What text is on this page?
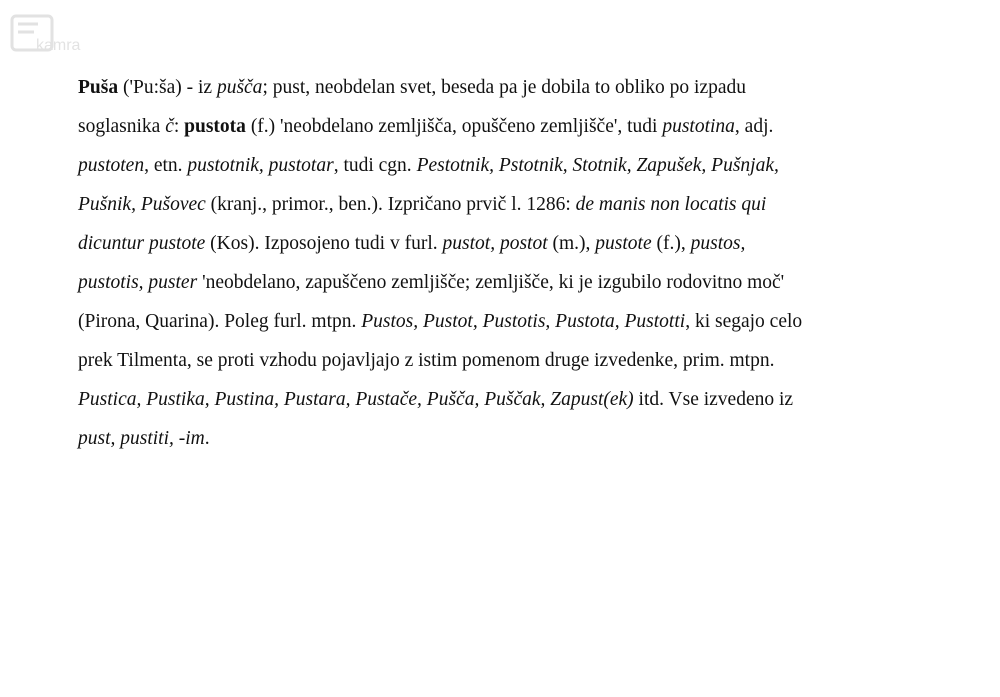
kamra
Puša ('Pu:ša) - iz pušča; pust, neobdelan svet, beseda pa je dobila to obliko po izpadu
soglasnika č: pustota (f.) 'neobdelano zemljišča, opuščeno zemljišče', tudi pustotina, adj.
pustoten, etn. pustotnik, pustotar, tudi cgn. Pestotnik, Pstotnik, Stotnik, Zapušek, Pušnjak,
Pušnik, Pušovec (kranj., primor., ben.). Izpričano prvič l. 1286: de manis non locatis qui
dicuntur pustote (Kos). Izposojeno tudi v furl. pustot, postot (m.), pustote (f.), pustos,
pustotis, puster 'neobdelano, zapuščeno zemljišče; zemljišče, ki je izgubilo rodovitno moč'
(Pirona, Quarina). Poleg furl. mtpn. Pustos, Pustot, Pustotis, Pustota, Pustotti, ki segajo celo
prek Tilmenta, se proti vzhodu pojavljajo z istim pomenom druge izvedenke, prim. mtpn.
Pustica, Pustika, Pustina, Pustara, Pustače, Pušča, Puščak, Zapust(ek) itd. Vse izvedeno iz
pust, pustiti, -im.
